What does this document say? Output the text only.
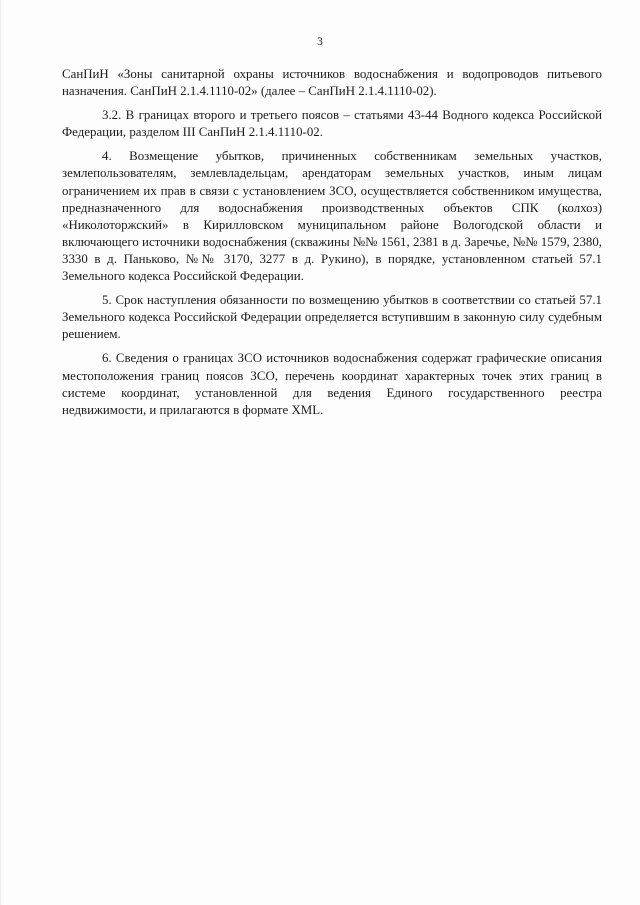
3

СанПиН «Зоны санитарной охраны источников водоснабжения и водопроводов питьевого назначения. СанПиН 2.1.4.1110-02» (далее – СанПиН 2.1.4.1110-02).

3.2. В границах второго и третьего поясов – статьями 43-44 Водного кодекса Российской Федерации, разделом III СанПиН 2.1.4.1110-02.

4. Возмещение убытков, причиненных собственникам земельных участков, землепользователям, землевладельцам, арендаторам земельных участков, иным лицам ограничением их прав в связи с установлением ЗСО, осуществляется собственником имущества, предназначенного для водоснабжения производственных объектов СПК (колхоз) «Николоторжский» в Кирилловском муниципальном районе Вологодской области и включающего источники водоснабжения (скважины №№ 1561, 2381 в д. Заречье, №№ 1579, 2380, 3330 в д. Паньково, №№ 3170, 3277 в д. Рукино), в порядке, установленном статьей 57.1 Земельного кодекса Российской Федерации.

5. Срок наступления обязанности по возмещению убытков в соответствии со статьей 57.1 Земельного кодекса Российской Федерации определяется вступившим в законную силу судебным решением.

6. Сведения о границах ЗСО источников водоснабжения содержат графические описания местоположения границ поясов ЗСО, перечень координат характерных точек этих границ в системе координат, установленной для ведения Единого государственного реестра недвижимости, и прилагаются в формате XML.
